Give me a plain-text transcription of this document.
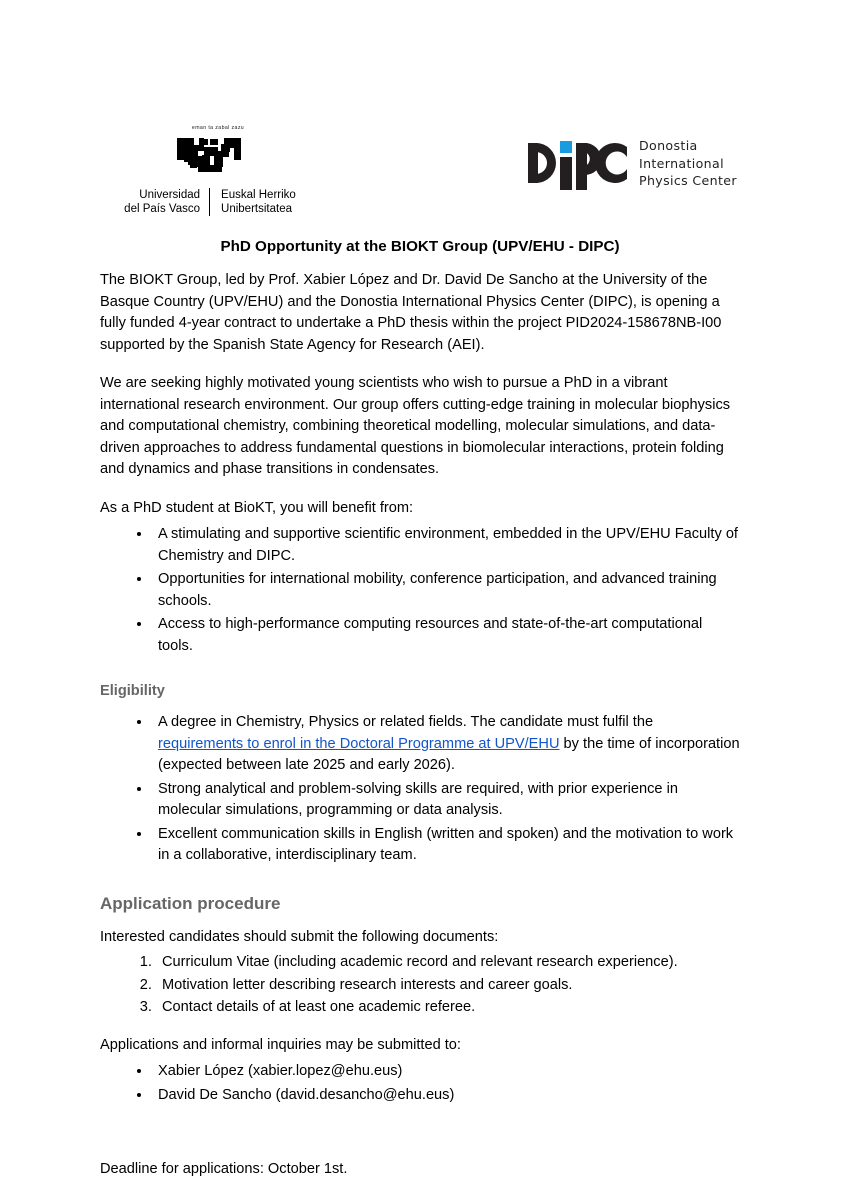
eman ta zabal zazu
Universidad
del País Vasco
Euskal Herriko
Unibertsitatea
Donostia
International
Physics Center
PhD Opportunity at the BIOKT Group (UPV/EHU - DIPC)

The BIOKT Group, led by Prof. Xabier López and Dr. David De Sancho at the University of the Basque Country (UPV/EHU) and the Donostia International Physics Center (DIPC), is opening a fully funded 4-year contract to undertake a PhD thesis within the project PID2024-158678NB-I00 supported by the Spanish State Agency for Research (AEI).

We are seeking highly motivated young scientists who wish to pursue a PhD in a vibrant international research environment. Our group offers cutting-edge training in molecular biophysics and computational chemistry, combining theoretical modelling, molecular simulations, and data-driven approaches to address fundamental questions in biomolecular interactions, protein folding and dynamics and phase transitions in condensates.

As a PhD student at BioKT, you will benefit from:

• A stimulating and supportive scientific environment, embedded in the UPV/EHU Faculty of Chemistry and DIPC.
• Opportunities for international mobility, conference participation, and advanced training schools.
• Access to high-performance computing resources and state-of-the-art computational tools.
Eligibility
• A degree in Chemistry, Physics or related fields. The candidate must fulfil the requirements to enrol in the Doctoral Programme at UPV/EHU by the time of incorporation (expected between late 2025 and early 2026).
• Strong analytical and problem-solving skills are required, with prior experience in molecular simulations, programming or data analysis.
• Excellent communication skills in English (written and spoken) and the motivation to work in a collaborative, interdisciplinary team.
Application procedure

Interested candidates should submit the following documents:

1. Curriculum Vitae (including academic record and relevant research experience).
2. Motivation letter describing research interests and career goals.
3. Contact details of at least one academic referee.

Applications and informal inquiries may be submitted to:

• Xabier López (xabier.lopez@ehu.eus)
• David De Sancho (david.desancho@ehu.eus)

Deadline for applications: October 1st.
